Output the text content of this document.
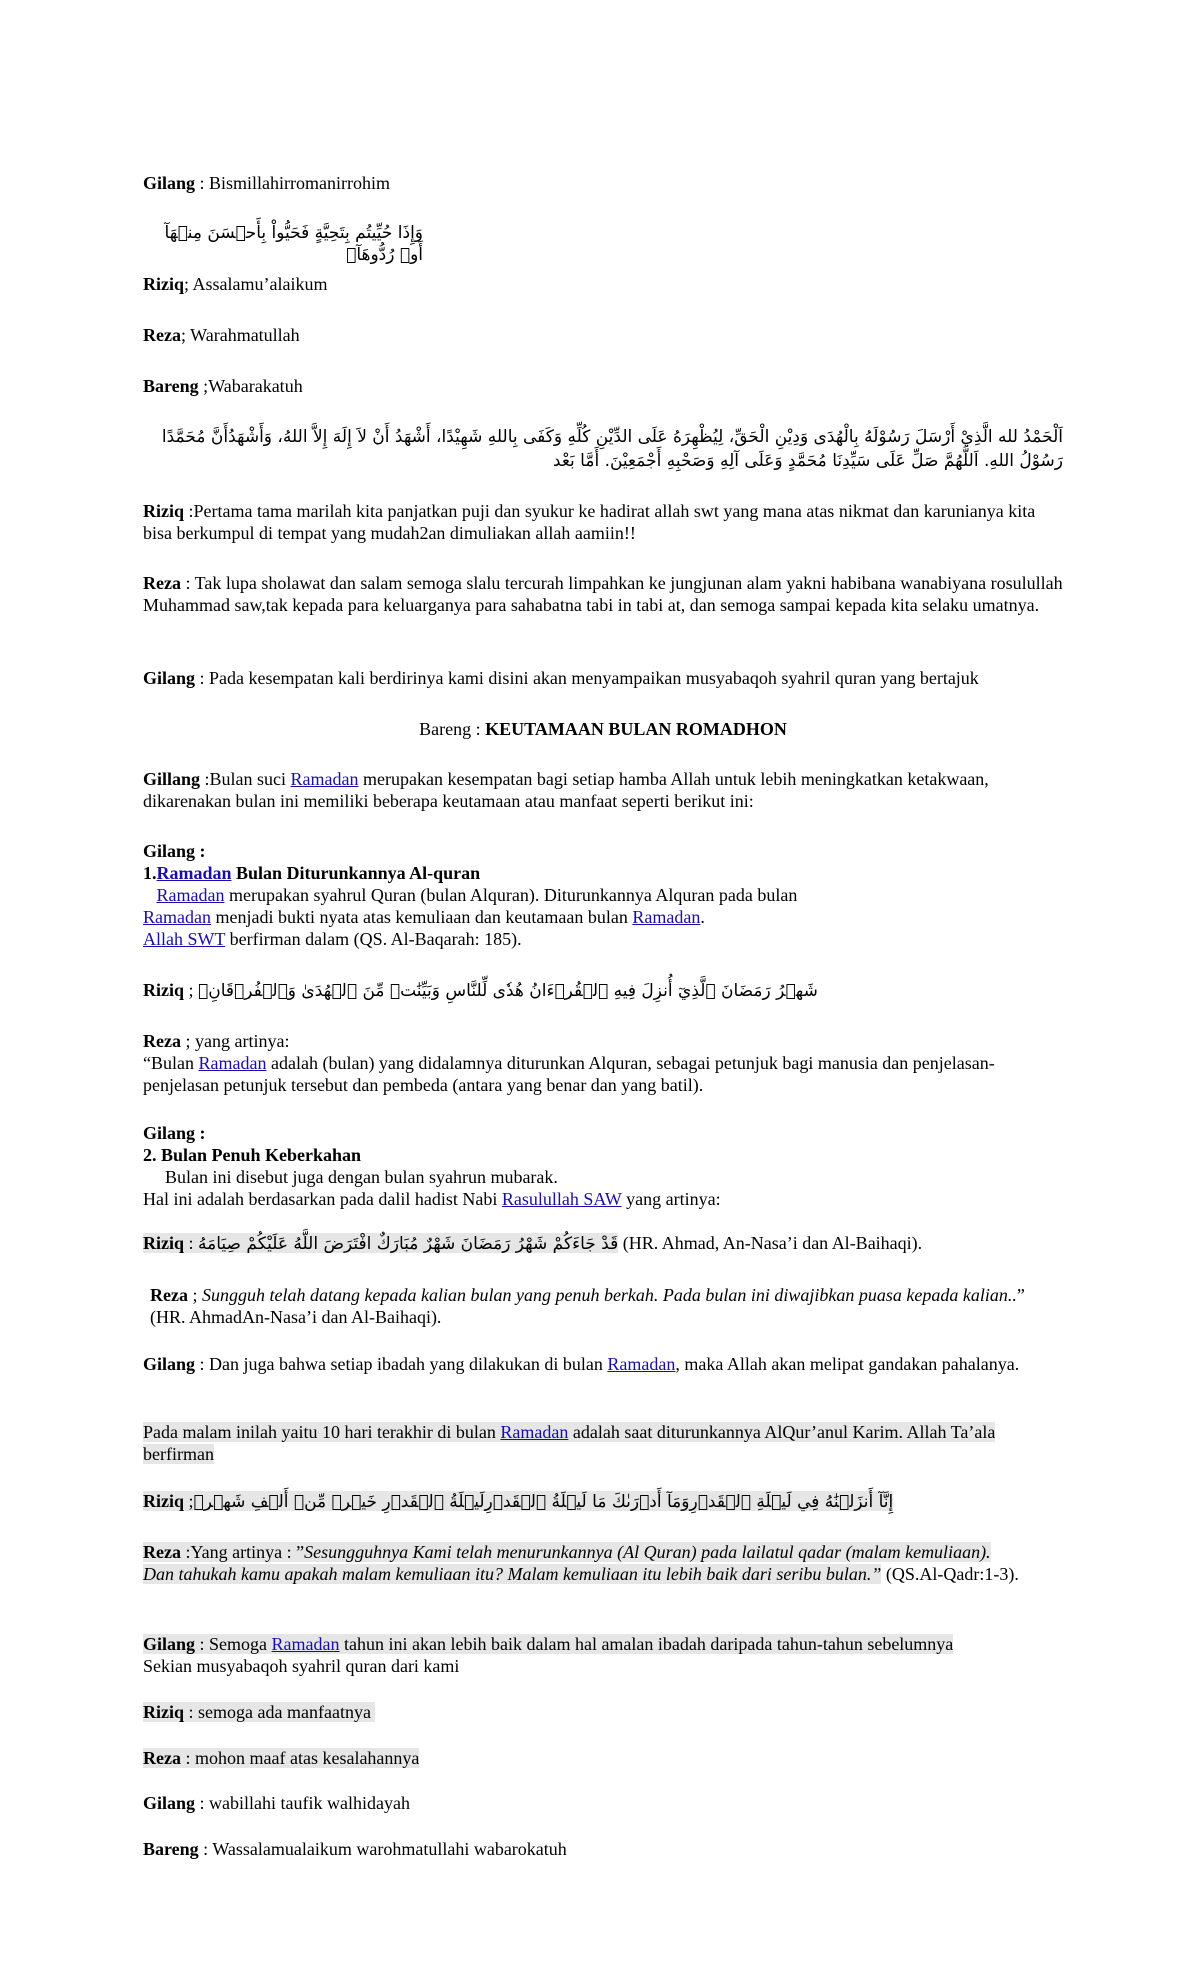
Gilang : Bismillahirromanirrohim

وَإِذَا حُيِّيتُم بِتَحِيَّةٍ فَحَيُّواْ بِأَحۡسَنَ مِنۡهَآ أَوۡ رُدُّوهَآۗ

Riziq; Assalamu’alaikum

Reza; Warahmatullah

Bareng ;Wabarakatuh

اَلْحَمْدُ لله الَّذِيْ أَرْسَلَ رَسُوْلَهُ بِالْهُدَى وَدِيْنِ الْحَقِّ، لِيُظْهِرَهُ عَلَى الدِّيْنِ كُلِّهِ وَكَفَى بِاللهِ شَهِيْدًا، أَشْهَدُ أَنْ لاَ إِلَهَ إِلاَّ اللهُ، وَأَشْهَدُأَنَّ مُحَمَّدًا رَسُوْلُ اللهِ. اَللَّهُمَّ صَلِّ عَلَى سَيِّدِنَا مُحَمَّدٍ وَعَلَى آلِهِ وَصَحْبِهِ أَجْمَعِيْنَ. أَمَّا بَعْد

Riziq :Pertama tama marilah kita panjatkan puji dan syukur ke hadirat allah swt yang mana atas nikmat dan karunianya kita bisa berkumpul di tempat yang mudah2an dimuliakan allah aamiin!!

Reza : Tak lupa sholawat dan salam semoga slalu tercurah limpahkan ke jungjunan alam yakni habibana wanabiyana rosulullah Muhammad saw,tak kepada para keluarganya para sahabatna tabi in tabi at, dan semoga sampai kepada kita selaku umatnya.

Gilang : Pada kesempatan kali berdirinya kami disini akan menyampaikan musyabaqoh syahril quran yang bertajuk

Bareng : KEUTAMAAN BULAN ROMADHON

Gillang :Bulan suci Ramadan merupakan kesempatan bagi setiap hamba Allah untuk lebih meningkatkan ketakwaan, dikarenakan bulan ini memiliki beberapa keutamaan atau manfaat seperti berikut ini:

Gilang :
1.Ramadan Bulan Diturunkannya Al-quran
Ramadan merupakan syahrul Quran (bulan Alquran). Diturunkannya Alquran pada bulan
Ramadan menjadi bukti nyata atas kemuliaan dan keutamaan bulan Ramadan.
Allah SWT berfirman dalam (QS. Al-Baqarah: 185).

Riziq ; شَهۡرُ رَمَضَانَ ٱلَّذِيٓ أُنزِلَ فِيهِ ٱلۡقُرۡءَانُ هُدٗى لِّلنَّاسِ وَبَيِّنَٰتٖ مِّنَ ٱلۡهُدَىٰ وَٱلۡفُرۡقَانِۚ

Reza ; yang artinya:
“Bulan Ramadan adalah (bulan) yang didalamnya diturunkan Alquran, sebagai petunjuk bagi manusia dan penjelasan-penjelasan petunjuk tersebut dan pembeda (antara yang benar dan yang batil).
Gilang :
2. Bulan Penuh Keberkahan
Bulan ini disebut juga dengan bulan syahrun mubarak.
Hal ini adalah berdasarkan pada dalil hadist Nabi Rasulullah SAW yang artinya:

Riziq : قَدْ جَاءَكُمْ شَهْرُ رَمَضَانَ شَهْرٌ مُبَارَكٌ افْتَرَضَ اللَّهُ عَلَيْكُمْ صِيَامَهُ (HR. Ahmad, An-Nasa’i dan Al-Baihaqi).

Reza ; Sungguh telah datang kepada kalian bulan yang penuh berkah. Pada bulan ini diwajibkan puasa kepada kalian..” (HR. AhmadAn-Nasa’i dan Al-Baihaqi).

Gilang : Dan juga bahwa setiap ibadah yang dilakukan di bulan Ramadan, maka Allah akan melipat gandakan pahalanya.

Pada malam inilah yaitu 10 hari terakhir di bulan Ramadan adalah saat diturunkannya AlQur’anul Karim. Allah Ta’ala berfirman

Riziq ;إِنَّآ أَنزَلۡنَٰهُ فِي لَيۡلَةِ ٱلۡقَدۡرِوَمَآ أَدۡرَىٰكَ مَا لَيۡلَةُ ٱلۡقَدۡرِلَيۡلَةُ ٱلۡقَدۡرِ خَيۡرٞ مِّنۡ أَلۡفِ شَهۡرٖ

Reza :Yang artinya : ”Sesungguhnya Kami telah menurunkannya (Al Quran) pada lailatul qadar (malam kemuliaan). Dan tahukah kamu apakah malam kemuliaan itu? Malam kemuliaan itu lebih baik dari seribu bulan.” (QS.Al-Qadr:1-3).

Gilang : Semoga Ramadan tahun ini akan lebih baik dalam hal amalan ibadah daripada tahun-tahun sebelumnya
Sekian musyabaqoh syahril quran dari kami

Riziq : semoga ada manfaatnya

Reza : mohon maaf atas kesalahannya

Gilang : wabillahi taufik walhidayah

Bareng : Wassalamualaikum warohmatullahi wabarokatuh
